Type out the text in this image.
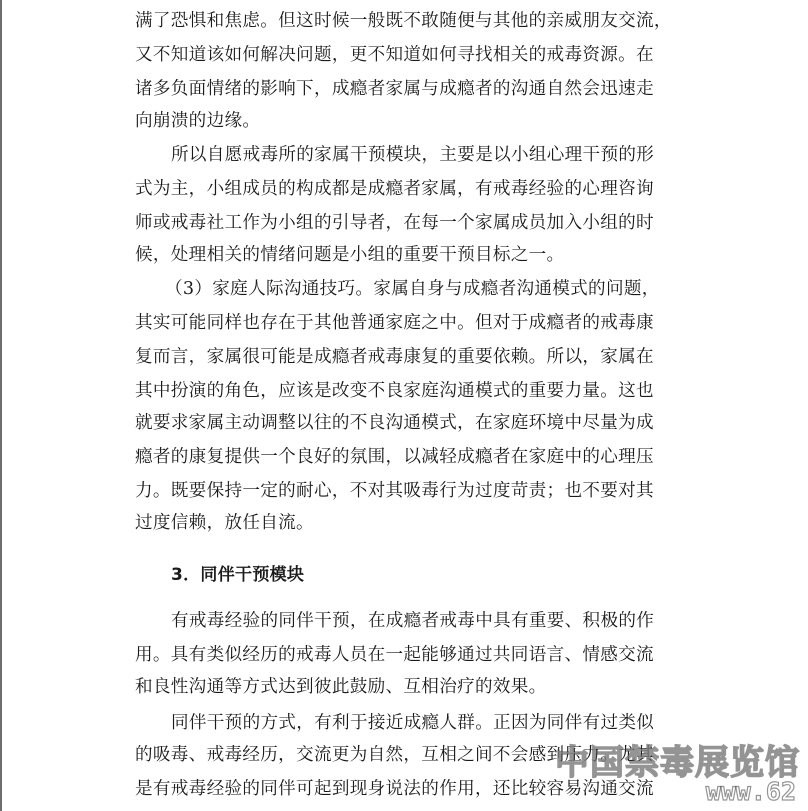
满了恐惧和焦虑。但这时候一般既不敢随便与其他的亲威朋友交流，
又不知道该如何解决问题，更不知道如何寻找相关的戒毒资源。在
诸多负面情绪的影响下，成瘾者家属与成瘾者的沟通自然会迅速走
向崩溃的边缘。
所以自愿戒毒所的家属干预模块，主要是以小组心理干预的形
式为主，小组成员的构成都是成瘾者家属，有戒毒经验的心理咨询
师或戒毒社工作为小组的引导者，在每一个家属成员加入小组的时
候，处理相关的情绪问题是小组的重要干预目标之一。
（3）家庭人际沟通技巧。家属自身与成瘾者沟通模式的问题，
其实可能同样也存在于其他普通家庭之中。但对于成瘾者的戒毒康
复而言，家属很可能是成瘾者戒毒康复的重要依赖。所以，家属在
其中扮演的角色，应该是改变不良家庭沟通模式的重要力量。这也
就要求家属主动调整以往的不良沟通模式，在家庭环境中尽量为成
瘾者的康复提供一个良好的氛围，以减轻成瘾者在家庭中的心理压
力。既要保持一定的耐心，不对其吸毒行为过度苛责；也不要对其
过度信赖，放任自流。
3．同伴干预模块
有戒毒经验的同伴干预，在成瘾者戒毒中具有重要、积极的作
用。具有类似经历的戒毒人员在一起能够通过共同语言、情感交流
和良性沟通等方式达到彼此鼓励、互相治疗的效果。
同伴干预的方式，有利于接近成瘾人群。正因为同伴有过类似
的吸毒、戒毒经历，交流更为自然，互相之间不会感到压力。尤其
是有戒毒经验的同伴可起到现身说法的作用，还比较容易沟通交流
中国禁毒展览馆
www.62
